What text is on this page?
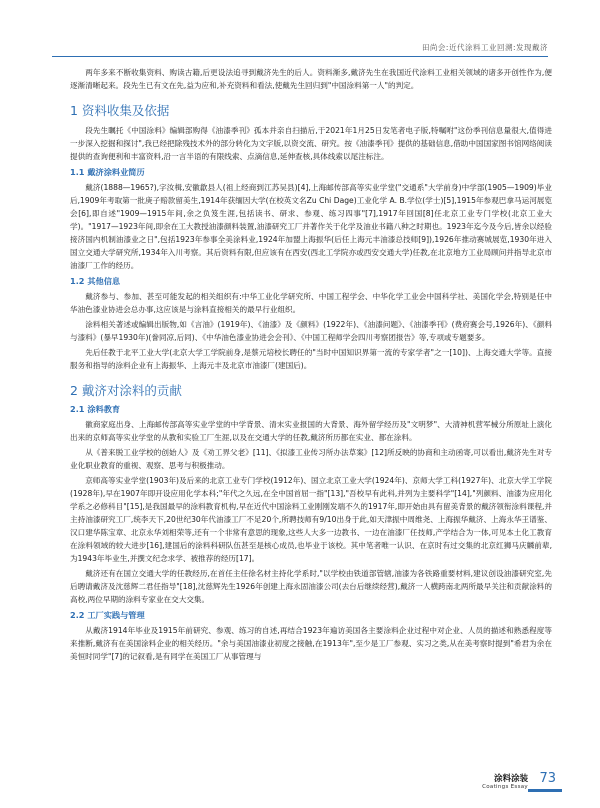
田尚会:近代涂料工业回溯:发现戴济

两年多来不断收集资料、购读古籍,后更设法追寻到戴济先生的后人。资料渐多,戴济先生在我国近代涂料工业相关领域的诸多开创性作为,便逐渐清晰起来。段先生已有文在先,益为应和,补充资料和看法,使戴先生回归到"中国涂料第一人"的判定。

1 资料收集及依据

段先生瞩托《中国涂料》编辑部购得《油漆季刊》孤本并亲自扫描后,于2021年1月25日发笔者电子版,特嘱咐"这份季刊信息量很大,值得进一步深入挖掘和探讨",我已经把除残技术外的部分转化为文字版,以资交流、研究。按《油漆季刊》提供的基础信息,借助中国国家图书馆网络阅读提供的查询便利和丰富资料,沿一言半语的有限线索、点滴信息,延伸查核,具体线索以尾注标注。

1.1 戴济涂料业简历

戴济(1888—1965?),字汝楫,安徽歙县人(祖上经商到江苏吴县)[4],上海邮传部高等实业学堂("交通系"大学前身)中学部(1905—1909)毕业后,1909年考取第一批庚子赔款留美生,1914年获缅因大学(在校英文名Zu Chi Dage)工业化学 A. B.学位(学士)[5],1915年参观巴拿马运河展览会[6],即自述"1909—1915年间,余之负笈生涯,包括读书、研求、参观、练习四事"[7],1917年回国[8]任北京工业专门学校(北京工业大学)。"1917—1923年间,即余在工大教授油漆颜料装置,油漆研究工厂并著作关于化学及油业书籍八种之时期也。1923年迄今及今后,皆余以经验接济国内机制油漆业之日",包括1923年参事全美涂料业,1924年加盟上海振华(后任上海元丰油漆总技师[9]),1926年推动赛城展览,1930年进入国立交通大学研究所,1934年入川考察。其后资料有限,但应该有在西安(西北工学院亦或西安交通大学)任教,在北京地方工业局顾问并指导北京市油漆厂工作的经历。

1.2 其他信息

戴济参与、参加、甚至可能发起的相关组织有:中华工业化学研究所、中国工程学会、中华化学工业会中国科学社、美国化学会,特别是任中华油色漆业协进会总办事,这应该是与涂料直接相关的最早行业组织。

涂料相关著述或编辑出版物,如《言油》(1919年)、《油漆》及《颜料》(1922年)、《油漆问题》、《油漆季刊》(费府赛会号,1926年)、《颜料与漆料》(暴早1930年)(誊同凉,后同)、《中华油色漆业协进会会刊》、《中国工程师学会四川考察团报告》等,专项或专题要多。

先后任教于北平工业大学(北京大学工学院前身,是蔡元培校长聘任的"当时中国知识界第一流的专家学者"之一[10])、上海交通大学等。直接服务和指导的涂料企业有上海振华、上海元丰及北京市油漆厂(建国后)。

2 戴济对涂料的贡献
2.1 涂料教育

徽商家庭出身、上海邮传部高等实业学堂的中学背景、清末实业报国的大背景、海外留学经历及"文明梦"、大清神机营军械分所原址上演化出来的京师高等实业学堂的从教和实验工厂生涯,以及在交通大学的任教,戴济所历都在实业、都在涂料。

从《普来脱工业学校的创始人》及《劝工界父老》[11]、《拟漆工业传习所办法草案》[12]所反映的协商和主动函寄,可以看出,戴济先生对专业化职业教育的重视、观察、思考与积极推动。

京师高等实业学堂(1903年)及后来的北京工业专门学校(1912年)、国立北京工业大学(1924年)、京师大学工科(1927年)、北京大学工学院(1928年),早在1907年即开设应用化学本科;"年代之久远,在全中国首屈一指"[13],"吾校早有此科,并列为主要科学"[14],"列颜料、油漆为应用化学系之必修科目"[15],是我国最早的涂料教育机构,早在近代中国涂料工业刚刚发端不久的1917年,即开始由具有留美背景的戴济领衔涂料课程,并主持油漆研究工厂,统李天下,20世纪30年代油漆工厂不足20个,所聘技师有9/10出身于此,如天津振中周维尧、上海振华戴济、上海永华王谱鉴、汉口建华陈宝章、北京永华刘相荣等,还有一个非常有意思的现象,这些人大多一边教书、一边在油漆厂任技师,产学结合为一体,可见本土化工教育在涂料领域的较大进步[16],建国后的涂料科研队伍甚至是核心成员,也毕业于该校。其中笔者唯一认识、在京时有过交集的北京红狮马庆麟前辈,为1943年毕业生,并撰文纪念求学、被推荐的经历[17]。

戴济还有在国立交通大学的任教经历,在首任主任徐名材主持化学系时,"以学校由铁道部管辖,油漆为各铁路重要材料,建议创设油漆研究室,先后聘请戴济及沈慈辉二君任指导"[18],沈慈辉先生1926年创建上海永固油漆公司(去台后继续经营),戴济一人横跨南北两所最早关注和贡献涂料的高校,两位早期的涂料专家业在交大交集。

2.2 工厂实践与管理

从戴济1914年毕业及1915年前研究、参观、练习的自述,再结合1923年遍访美国各主要涂料企业过程中对企业、人员的描述和熟悉程度等来推断,戴济有在美国涂料企业的相关经历。"余与美国油漆业初度之接触,在1913年",至少是工厂参观、实习之类,从在美考察时提到"希君为余在美恒时同学"[7]的记叙看,是有同学在美国工厂从事管理与

涂料涂装
Coatings Essay
73
